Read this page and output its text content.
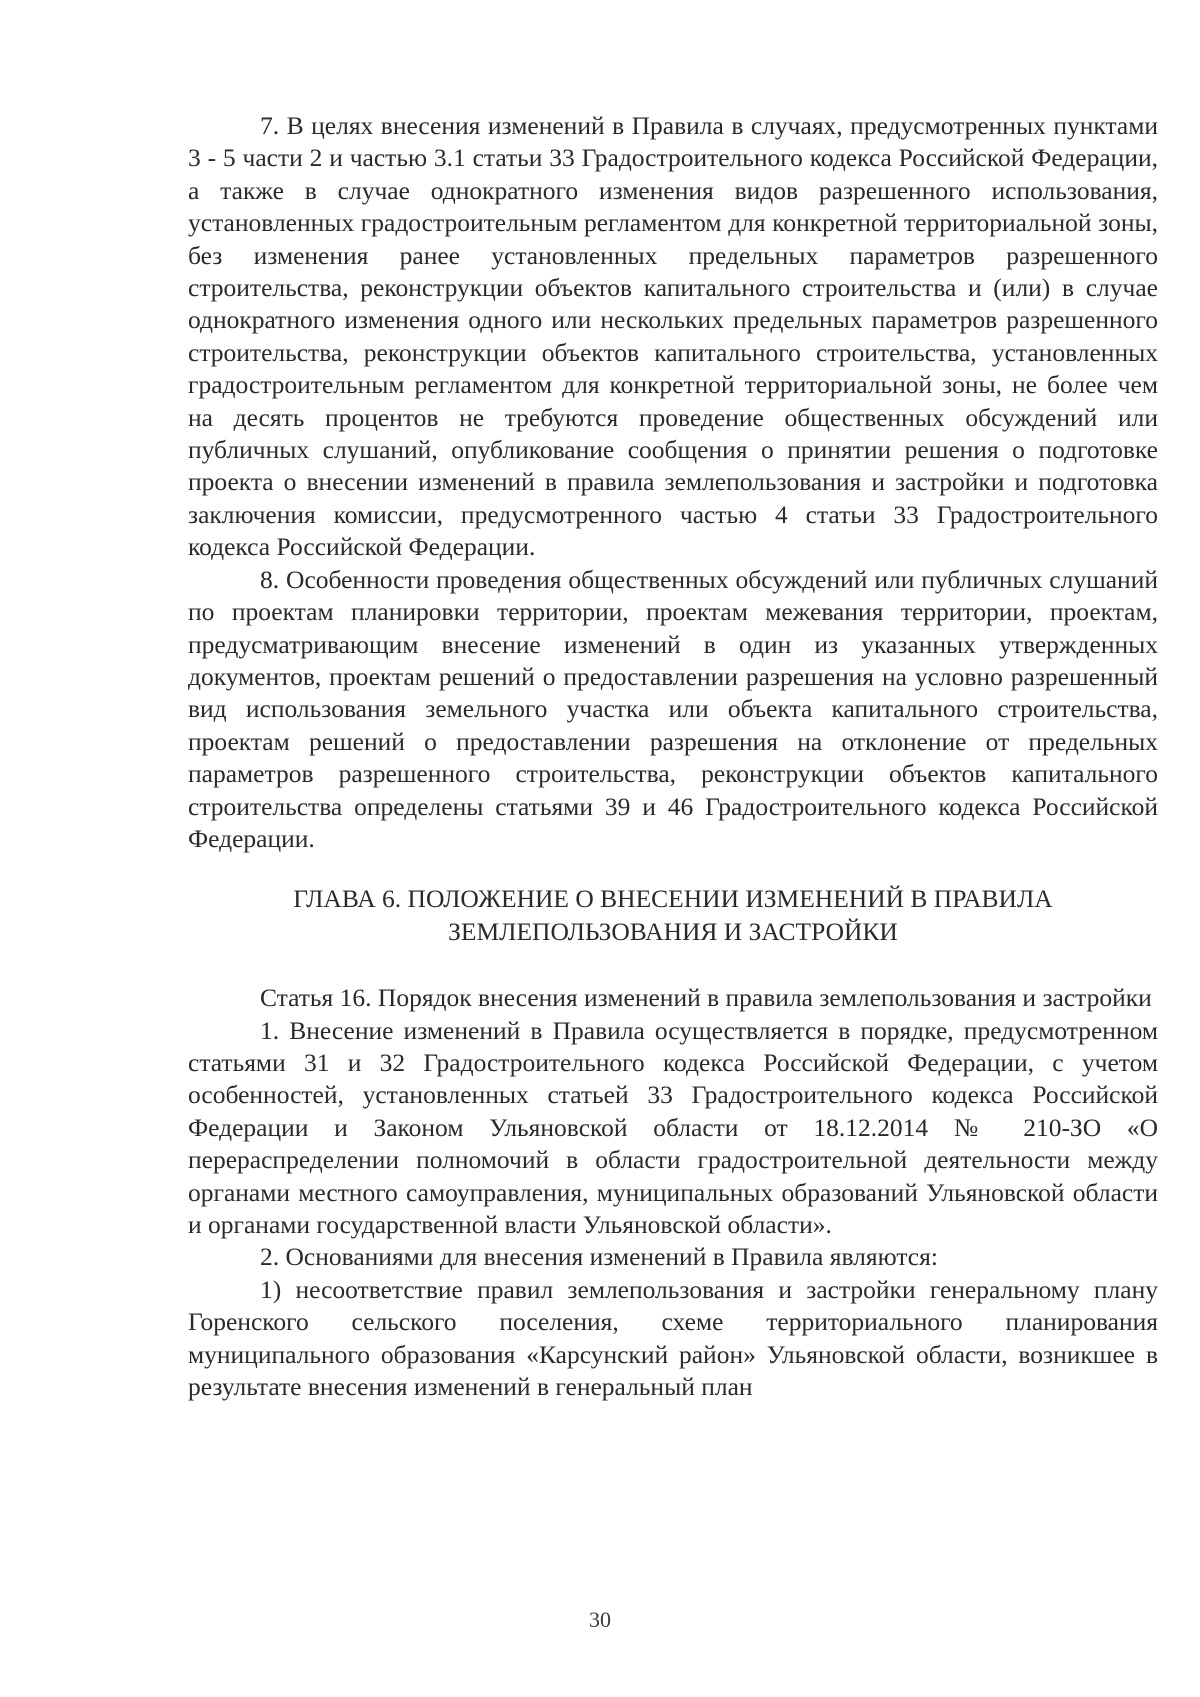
7. В целях внесения изменений в Правила в случаях, предусмотренных пунктами 3 - 5 части 2 и частью 3.1 статьи 33 Градостроительного кодекса Российской Федерации, а также в случае однократного изменения видов разрешенного использования, установленных градостроительным регламентом для конкретной территориальной зоны, без изменения ранее установленных предельных параметров разрешенного строительства, реконструкции объектов капитального строительства и (или) в случае однократного изменения одного или нескольких предельных параметров разрешенного строительства, реконструкции объектов капитального строительства, установленных градостроительным регламентом для конкретной территориальной зоны, не более чем на десять процентов не требуются проведение общественных обсуждений или публичных слушаний, опубликование сообщения о принятии решения о подготовке проекта о внесении изменений в правила землепользования и застройки и подготовка заключения комиссии, предусмотренного частью 4 статьи 33 Градостроительного кодекса Российской Федерации.

8. Особенности проведения общественных обсуждений или публичных слушаний по проектам планировки территории, проектам межевания территории, проектам, предусматривающим внесение изменений в один из указанных утвержденных документов, проектам решений о предоставлении разрешения на условно разрешенный вид использования земельного участка или объекта капитального строительства, проектам решений о предоставлении разрешения на отклонение от предельных параметров разрешенного строительства, реконструкции объектов капитального строительства определены статьями 39 и 46 Градостроительного кодекса Российской Федерации.

ГЛАВА 6. ПОЛОЖЕНИЕ О ВНЕСЕНИИ ИЗМЕНЕНИЙ В ПРАВИЛА ЗЕМЛЕПОЛЬЗОВАНИЯ И ЗАСТРОЙКИ

Статья 16. Порядок внесения изменений в правила землепользования и застройки

1. Внесение изменений в Правила осуществляется в порядке, предусмотренном статьями 31 и 32 Градостроительного кодекса Российской Федерации, с учетом особенностей, установленных статьей 33 Градостроительного кодекса Российской Федерации и Законом Ульяновской области от 18.12.2014 № 210-ЗО «О перераспределении полномочий в области градостроительной деятельности между органами местного самоуправления, муниципальных образований Ульяновской области и органами государственной власти Ульяновской области».

2. Основаниями для внесения изменений в Правила являются:

1) несоответствие правил землепользования и застройки генеральному плану Горенского сельского поселения, схеме территориального планирования муниципального образования «Карсунский район» Ульяновской области, возникшее в результате внесения изменений в генеральный план

30
